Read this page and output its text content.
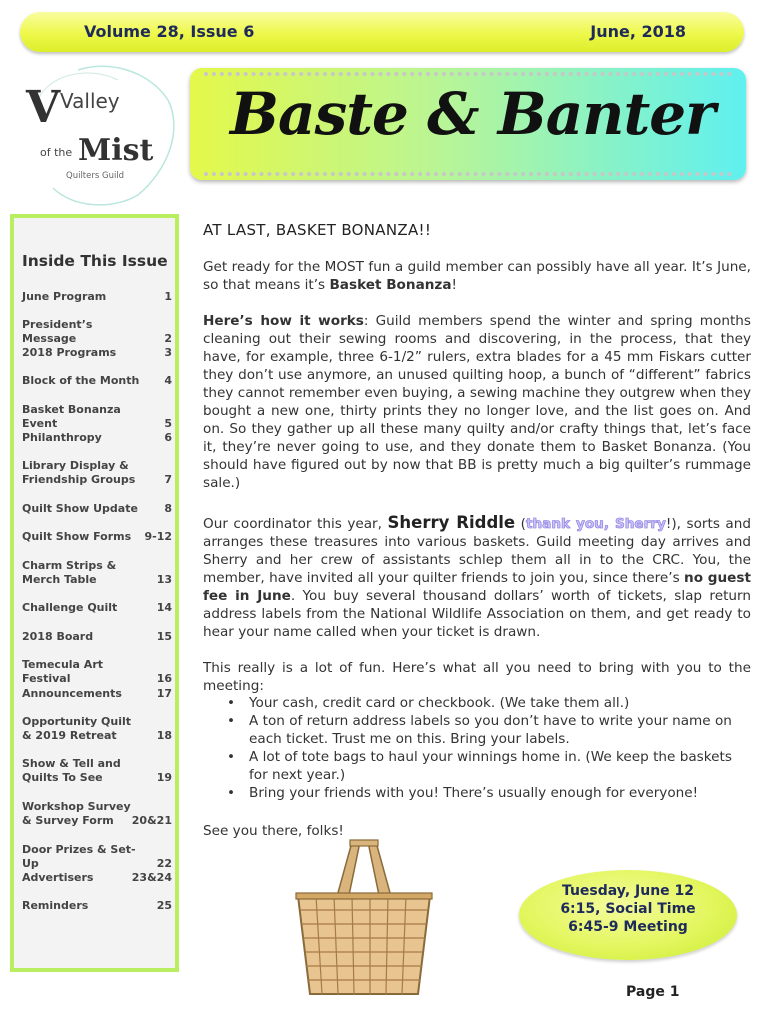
Volume 28, Issue 6	June, 2018
V Valley
of the Mist
Quilters Guild
Baste & Banter
Inside This Issue
June Program	1
President’s Message	2
2018 Programs	3
Block of the Month 4
Basket Bonanza Event	5
Philanthropy	6
Library Display & Friendship Groups	7
Quilt Show Update 8
Quilt Show Forms	9-12
Charm Strips & Merch Table	13
Challenge Quilt	14
2018 Board	15
Temecula Art Festival	16
Announcements	17
Opportunity Quilt & 2019 Retreat	18
Show & Tell and Quilts To See	19
Workshop Survey & Survey Form	20&21
Door Prizes & Set-Up	22
Advertisers	23&24
Reminders	25
AT LAST, BASKET BONANZA!!

Get ready for the MOST fun a guild member can possibly have all year. It’s June, so that means it’s Basket Bonanza!

Here’s how it works: Guild members spend the winter and spring months cleaning out their sewing rooms and discovering, in the process, that they have, for example, three 6-1/2” rulers, extra blades for a 45 mm Fiskars cutter they don’t use anymore, an unused quilting hoop, a bunch of “different” fabrics they cannot remember even buying, a sewing machine they outgrew when they bought a new one, thirty prints they no longer love, and the list goes on. And on. So they gather up all these many quilty and/or crafty things that, let’s face it, they’re never going to use, and they donate them to Basket Bonanza. (You should have figured out by now that BB is pretty much a big quilter’s rummage sale.)

Our coordinator this year, Sherry Riddle (thank you, Sherry!), sorts and arranges these treasures into various baskets. Guild meeting day arrives and Sherry and her crew of assistants schlep them all in to the CRC. You, the member, have invited all your quilter friends to join you, since there’s no guest fee in June. You buy several thousand dollars’ worth of tickets, slap return address labels from the National Wildlife Association on them, and get ready to hear your name called when your ticket is drawn.

This really is a lot of fun. Here’s what all you need to bring with you to the meeting:

• Your cash, credit card or checkbook. (We take them all.)
• A ton of return address labels so you don’t have to write your name on each ticket. Trust me on this. Bring your labels.
• A lot of tote bags to haul your winnings home in. (We keep the baskets for next year.)
• Bring your friends with you! There’s usually enough for everyone!

See you there, folks!

Tuesday, June 12
6:15, Social Time
6:45-9 Meeting
Page 1
